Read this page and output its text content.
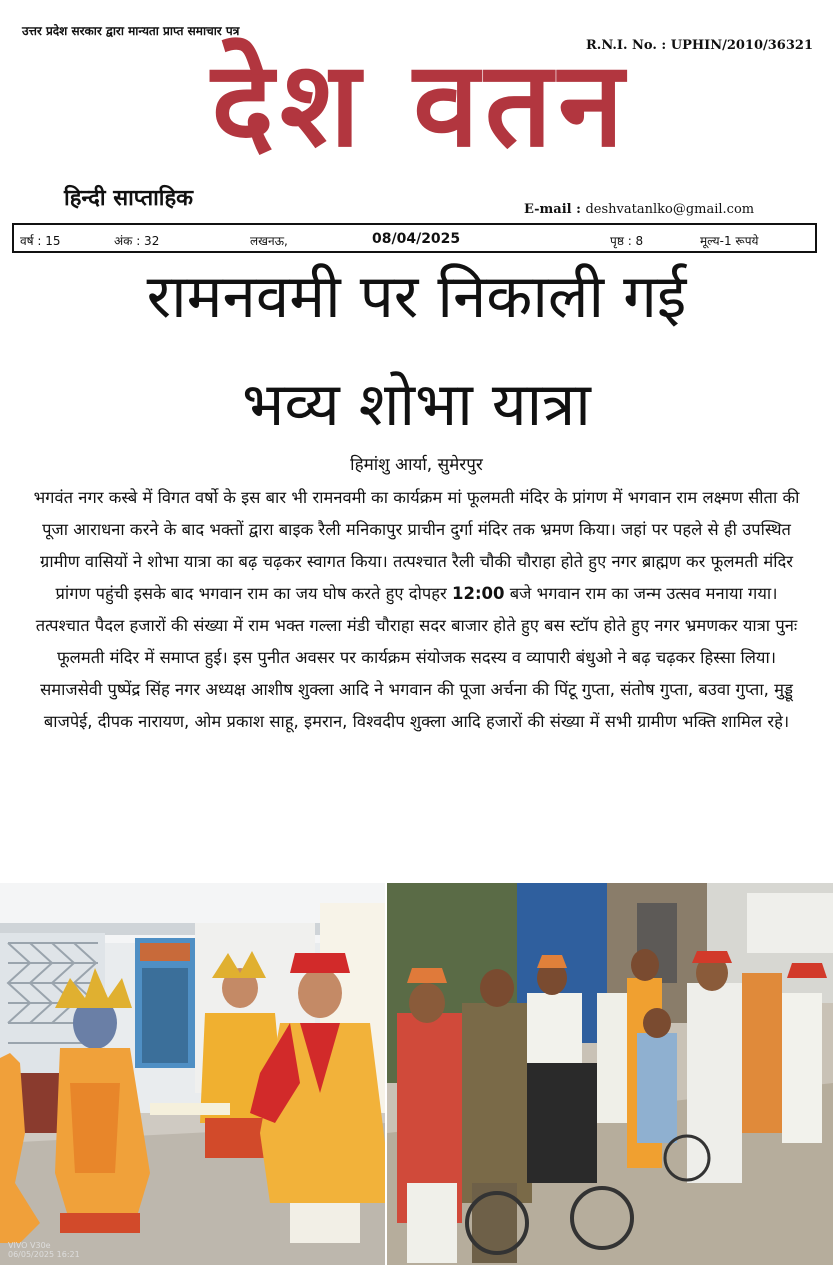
उत्तर प्रदेश सरकार द्वारा मान्यता प्राप्त समाचार पत्र
R.N.I. No. : UPHIN/2010/36321
देश वतन
हिन्दी साप्ताहिक	E-mail : deshvatanlko@gmail.com
वर्ष : 15	अंक : 32	लखनऊ,	08/04/2025	पृष्ठ : 8	मूल्य-1 रूपये
रामनवमी पर निकाली गई
भव्य शोभा यात्रा
हिमांशु आर्या, सुमेरपुर
भगवंत नगर कस्बे में विगत वर्षो के इस बार भी रामनवमी का कार्यक्रम मां फूलमती मंदिर के प्रांगण में भगवान राम लक्ष्मण सीता की पूजा आराधना करने के बाद भक्तों द्वारा बाइक रैली मनिकापुर प्राचीन दुर्गा मंदिर तक भ्रमण किया। जहां पर पहले से ही उपस्थित ग्रामीण वासियों ने शोभा यात्रा का बढ़ चढ़कर स्वागत किया। तत्पश्चात रैली चौकी चौराहा होते हुए नगर ब्राह्मण कर फूलमती मंदिर प्रांगण पहुंची इसके बाद भगवान राम का जय घोष करते हुए दोपहर 12:00 बजे भगवान राम का जन्म उत्सव मनाया गया। तत्पश्चात पैदल हजारों की संख्या में राम भक्त गल्ला मंडी चौराहा सदर बाजार होते हुए बस स्टॉप होते हुए नगर भ्रमणकर यात्रा पुनः फूलमती मंदिर में समाप्त हुई। इस पुनीत अवसर पर कार्यक्रम संयोजक सदस्य व व्यापारी बंधुओ ने बढ़ चढ़कर हिस्सा लिया। समाजसेवी पुष्पेंद्र सिंह नगर अध्यक्ष आशीष शुक्ला आदि ने भगवान की पूजा अर्चना की पिंटू गुप्ता, संतोष गुप्ता, बउवा गुप्ता, मुड्डू बाजपेई, दीपक नारायण, ओम प्रकाश साहू, इमरान, विश्वदीप शुक्ला आदि हजारों की संख्या में सभी ग्रामीण भक्ति शामिल रहे।
VIVO V30e
06/05/2025 16:21
